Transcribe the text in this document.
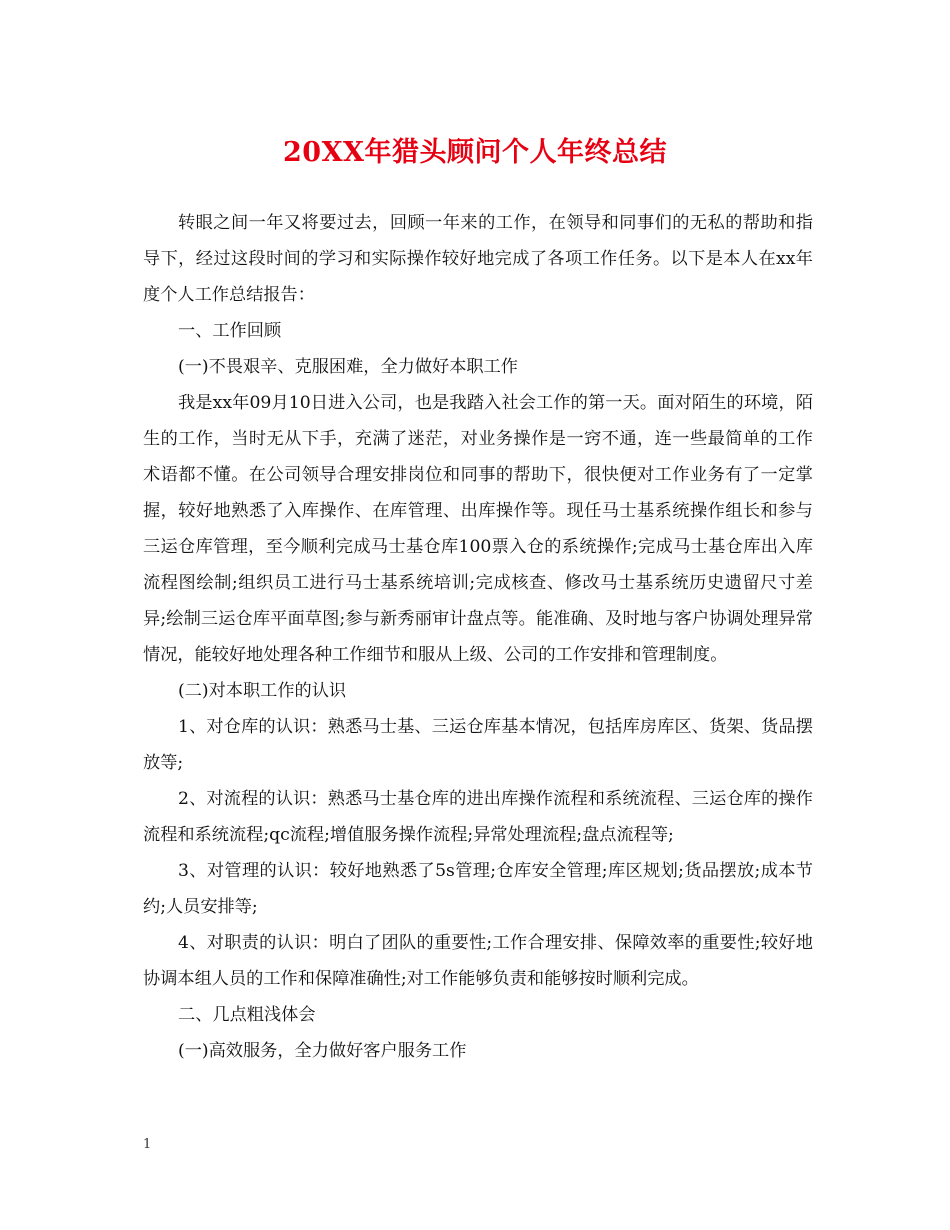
20XX年猎头顾问个人年终总结

转眼之间一年又将要过去，回顾一年来的工作，在领导和同事们的无私的帮助和指导下，经过这段时间的学习和实际操作较好地完成了各项工作任务。以下是本人在xx年度个人工作总结报告：

一、工作回顾

(一)不畏艰辛、克服困难，全力做好本职工作

我是xx年09月10日进入公司，也是我踏入社会工作的第一天。面对陌生的环境，陌生的工作，当时无从下手，充满了迷茫，对业务操作是一窍不通，连一些最简单的工作术语都不懂。在公司领导合理安排岗位和同事的帮助下，很快便对工作业务有了一定掌握，较好地熟悉了入库操作、在库管理、出库操作等。现任马士基系统操作组长和参与三运仓库管理，至今顺利完成马士基仓库100票入仓的系统操作;完成马士基仓库出入库流程图绘制;组织员工进行马士基系统培训;完成核查、修改马士基系统历史遗留尺寸差异;绘制三运仓库平面草图;参与新秀丽审计盘点等。能准确、及时地与客户协调处理异常情况，能较好地处理各种工作细节和服从上级、公司的工作安排和管理制度。

(二)对本职工作的认识

1、对仓库的认识：熟悉马士基、三运仓库基本情况，包括库房库区、货架、货品摆放等;

2、对流程的认识：熟悉马士基仓库的进出库操作流程和系统流程、三运仓库的操作流程和系统流程;qc流程;增值服务操作流程;异常处理流程;盘点流程等;

3、对管理的认识：较好地熟悉了5s管理;仓库安全管理;库区规划;货品摆放;成本节约;人员安排等;

4、对职责的认识：明白了团队的重要性;工作合理安排、保障效率的重要性;较好地协调本组人员的工作和保障准确性;对工作能够负责和能够按时顺利完成。

二、几点粗浅体会

(一)高效服务，全力做好客户服务工作

1
